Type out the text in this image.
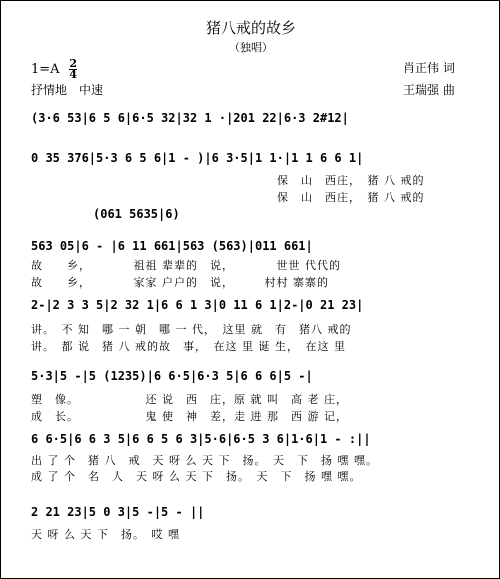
猪八戒的故乡
（独唱）
$1=A \frac{2}{4}$
抒情地　中速
肖正伟 词
王瑞强 曲
(3·6 53|6 5 6|6·5 32|32 1 ·|201 22|6·3 2#12|
0 35 376|5·3 6 5 6|1 - )|6 3·5|1 1·|1 1 6 6 1|
保　山　西庄，　猪 八 戒的
保　山　西庄，　猪 八 戒的
(061 5635|6)
563 05|6 - |6 11 661|563 (563)|011 661|
故　　乡，　　　　祖祖 辈辈的　说，　　　　世世 代代的
故　　乡，　　　　家家 户户的　说，　　　村村 寨寨的
2-|2 3 3 5|2 32 1|6 6 1 3|0 11 6 1|2-|0 21 23|
讲。　不 知　哪 一 朝　哪 一 代，　这里 就　有　猪八 戒的
讲。　都 说　猪 八 戒的故　事，　在这 里 诞 生，　在这 里
5·3|5 -|5 (1235)|6 6·5|6·3 5|6 6 6|5 -|
塑　像。　　　　　　还 说　西　庄，原 就 叫　高 老 庄，
成　长。　　　　　　鬼 使　神　差，走 进 那　西 游 记，
6 6·5|6 6 3 5|6 6 5 6 3|5·6|6·5 3 6|1·6|1 - :||
出 了 个　猪 八　戒　天 呀 么 天 下　扬。　天　下　扬 嘿 嘿。
成 了 个　名　人　天 呀 么 天 下　扬。　天　下　扬 嘿 嘿。
2 21 23|5 0 3|5 -|5 - ||
天 呀 么 天 下　扬。　哎 嘿
